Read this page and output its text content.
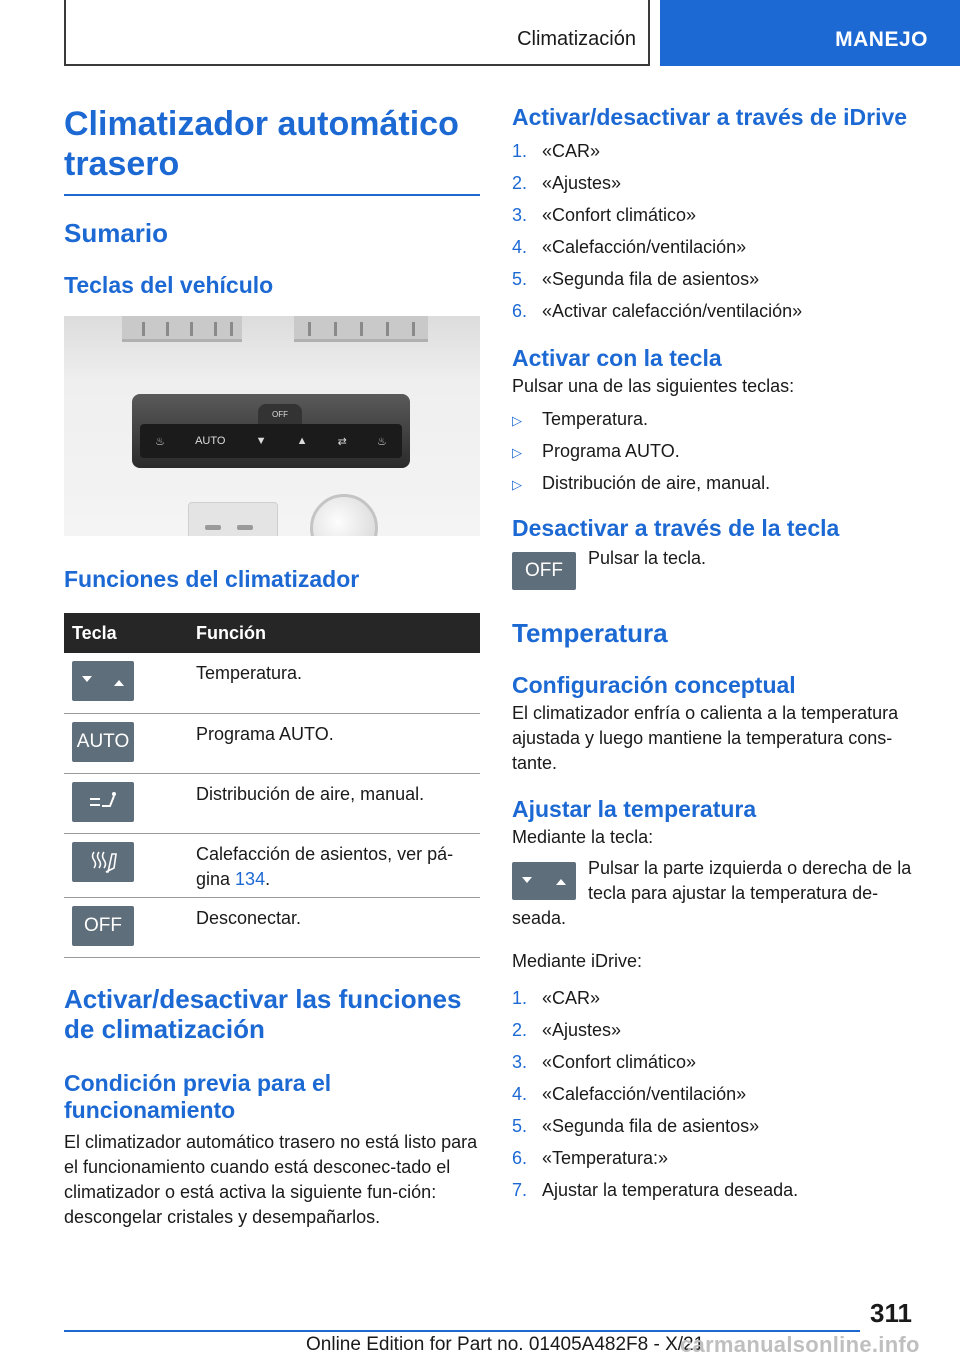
Climatización	MANEJO
Climatizador automático trasero
Sumario
Teclas del vehículo
OFF
♨	AUTO	▼	▲	⇄	♨
Funciones del climatizador
Tecla	Función

	Temperatura.
AUTO	Programa AUTO.

	Distribución de aire, manual.

	Calefacción de asientos, ver pá‐
gina 134.
OFF	Desconectar.
Activar/desactivar las funciones de climatización
Condición previa para el funcionamiento

El climatizador automático trasero no está listo para el funcionamiento cuando está desconec‐tado el climatizador o está activa la siguiente fun‐ción: descongelar cristales y desempañarlos.

Activar/desactivar a través de iDrive
1. «CAR»
2. «Ajustes»
3. «Confort climático»
4. «Calefacción/ventilación»
5. «Segunda fila de asientos»
6. «Activar calefacción/ventilación»
Activar con la tecla

Pulsar una de las siguientes teclas:

▷	Temperatura.
▷	Programa AUTO.
▷	Distribución de aire, manual.
Desactivar a través de la tecla
OFF

Pulsar la tecla.

Temperatura
Configuración conceptual

El climatizador enfría o calienta a la temperatura ajustada y luego mantiene la temperatura cons‐tante.

Ajustar la temperatura

Mediante la tecla:

Pulsar la parte izquierda o derecha de la tecla para ajustar la temperatura de‐

seada.

Mediante iDrive:

1. «CAR»
2. «Ajustes»
3. «Confort climático»
4. «Calefacción/ventilación»
5. «Segunda fila de asientos»
6. «Temperatura:»
7. Ajustar la temperatura deseada.
311
Online Edition for Part no. 01405A482F8 - X/21
carmanualsonline.info
